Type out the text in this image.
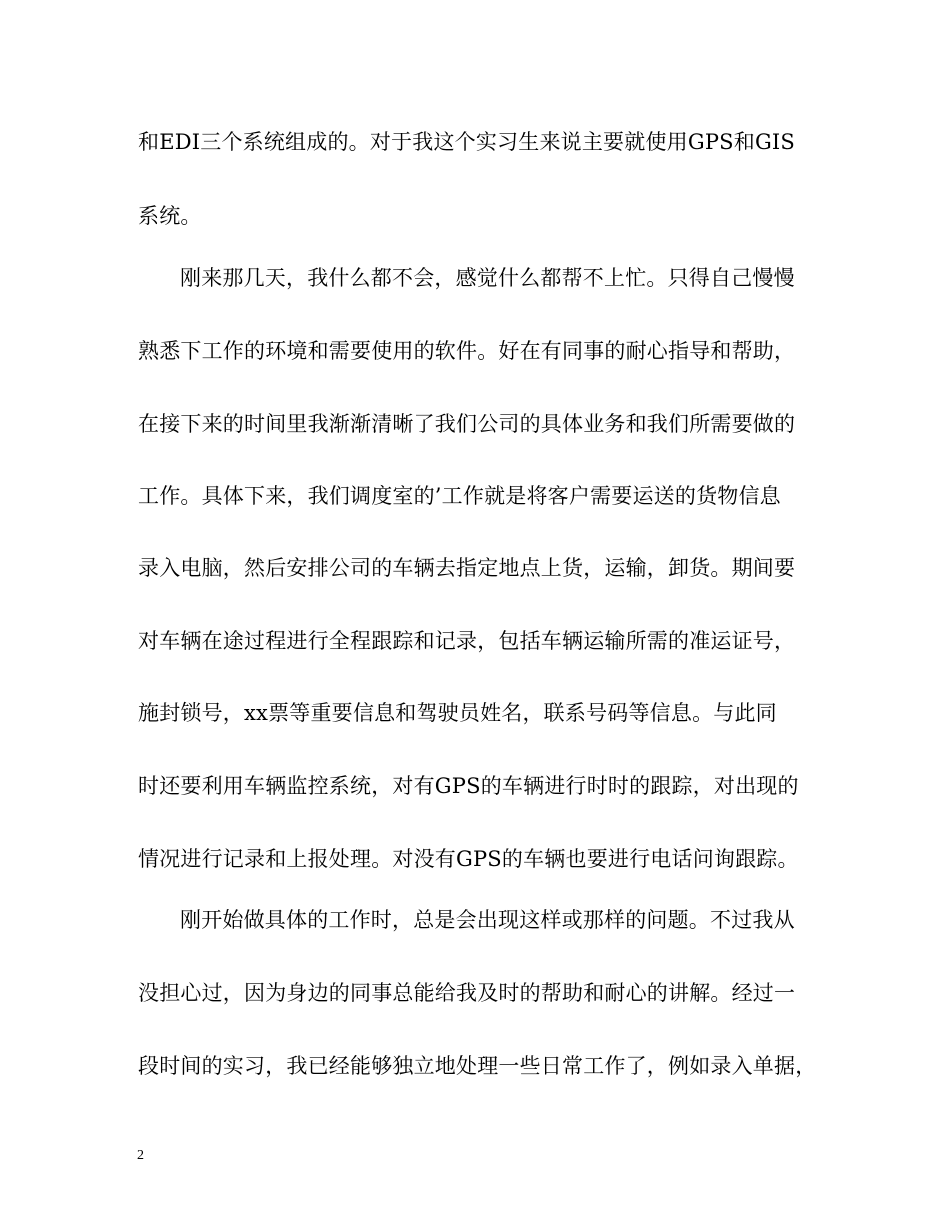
和EDI三个系统组成的。对于我这个实习生来说主要就使用GPS和GIS
系统。
刚来那几天，我什么都不会，感觉什么都帮不上忙。只得自己慢慢
熟悉下工作的环境和需要使用的软件。好在有同事的耐心指导和帮助，
在接下来的时间里我渐渐清晰了我们公司的具体业务和我们所需要做的
工作。具体下来，我们调度室的’工作就是将客户需要运送的货物信息
录入电脑，然后安排公司的车辆去指定地点上货，运输，卸货。期间要
对车辆在途过程进行全程跟踪和记录，包括车辆运输所需的准运证号，
施封锁号，xx票等重要信息和驾驶员姓名，联系号码等信息。与此同
时还要利用车辆监控系统，对有GPS的车辆进行时时的跟踪，对出现的
情况进行记录和上报处理。对没有GPS的车辆也要进行电话问询跟踪。
刚开始做具体的工作时，总是会出现这样或那样的问题。不过我从
没担心过，因为身边的同事总能给我及时的帮助和耐心的讲解。经过一
段时间的实习，我已经能够独立地处理一些日常工作了，例如录入单据，
2
